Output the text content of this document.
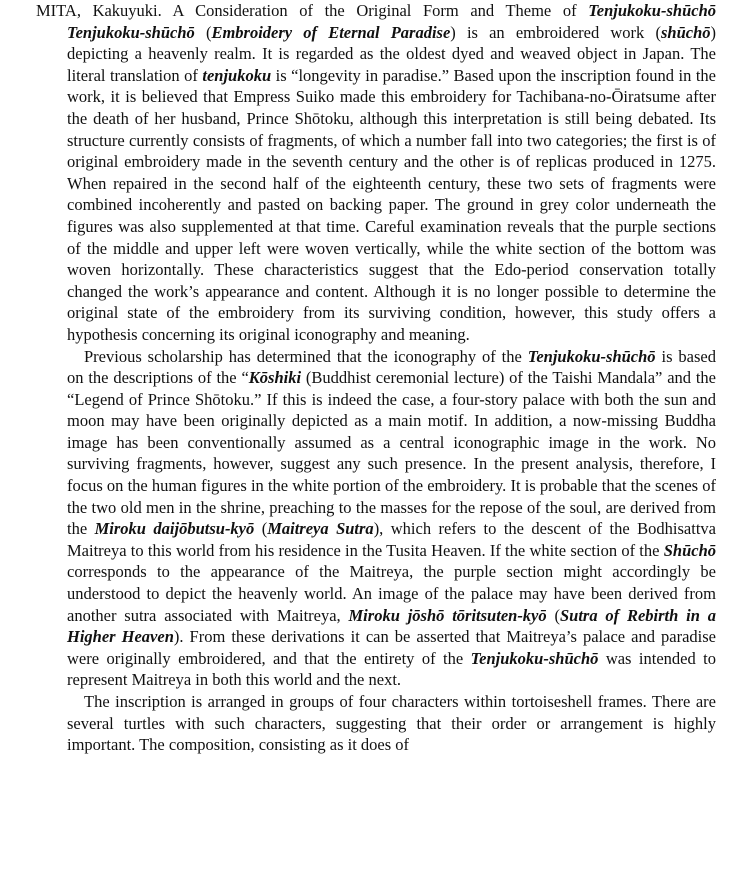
MITA, Kakuyuki. A Consideration of the Original Form and Theme of Tenjukoku-shūchō Tenjukoku-shūchō (Embroidery of Eternal Paradise) is an embroidered work (shūchō) depicting a heavenly realm. It is regarded as the oldest dyed and weaved object in Japan. The literal translation of tenjukoku is “longevity in paradise.” Based upon the inscription found in the work, it is believed that Empress Suiko made this embroidery for Tachibana-no-Ōiratsume after the death of her husband, Prince Shōtoku, although this interpretation is still being debated. Its structure currently consists of fragments, of which a number fall into two categories; the first is of original embroidery made in the seventh century and the other is of replicas produced in 1275. When repaired in the second half of the eighteenth century, these two sets of fragments were combined incoherently and pasted on backing paper. The ground in grey color underneath the figures was also supplemented at that time. Careful examination reveals that the purple sections of the middle and upper left were woven vertically, while the white section of the bottom was woven horizontally. These characteristics suggest that the Edo-period conservation totally changed the work’s appearance and content. Although it is no longer possible to determine the original state of the embroidery from its surviving condition, however, this study offers a hypothesis concerning its original iconography and meaning.

Previous scholarship has determined that the iconography of the Tenjukoku-shūchō is based on the descriptions of the “Kōshiki (Buddhist ceremonial lecture) of the Taishi Mandala” and the “Legend of Prince Shōtoku.” If this is indeed the case, a four-story palace with both the sun and moon may have been originally depicted as a main motif. In addition, a now-missing Buddha image has been conventionally assumed as a central iconographic image in the work. No surviving fragments, however, suggest any such presence. In the present analysis, therefore, I focus on the human figures in the white portion of the embroidery. It is probable that the scenes of the two old men in the shrine, preaching to the masses for the repose of the soul, are derived from the Miroku daijōbutsu-kyō (Maitreya Sutra), which refers to the descent of the Bodhisattva Maitreya to this world from his residence in the Tusita Heaven. If the white section of the Shūchō corresponds to the appearance of the Maitreya, the purple section might accordingly be understood to depict the heavenly world. An image of the palace may have been derived from another sutra associated with Maitreya, Miroku jōshō tōritsuten-kyō (Sutra of Rebirth in a Higher Heaven). From these derivations it can be asserted that Maitreya’s palace and paradise were originally embroidered, and that the entirety of the Tenjukoku-shūchō was intended to represent Maitreya in both this world and the next.

The inscription is arranged in groups of four characters within tortoiseshell frames. There are several turtles with such characters, suggesting that their order or arrangement is highly important. The composition, consisting as it does of
